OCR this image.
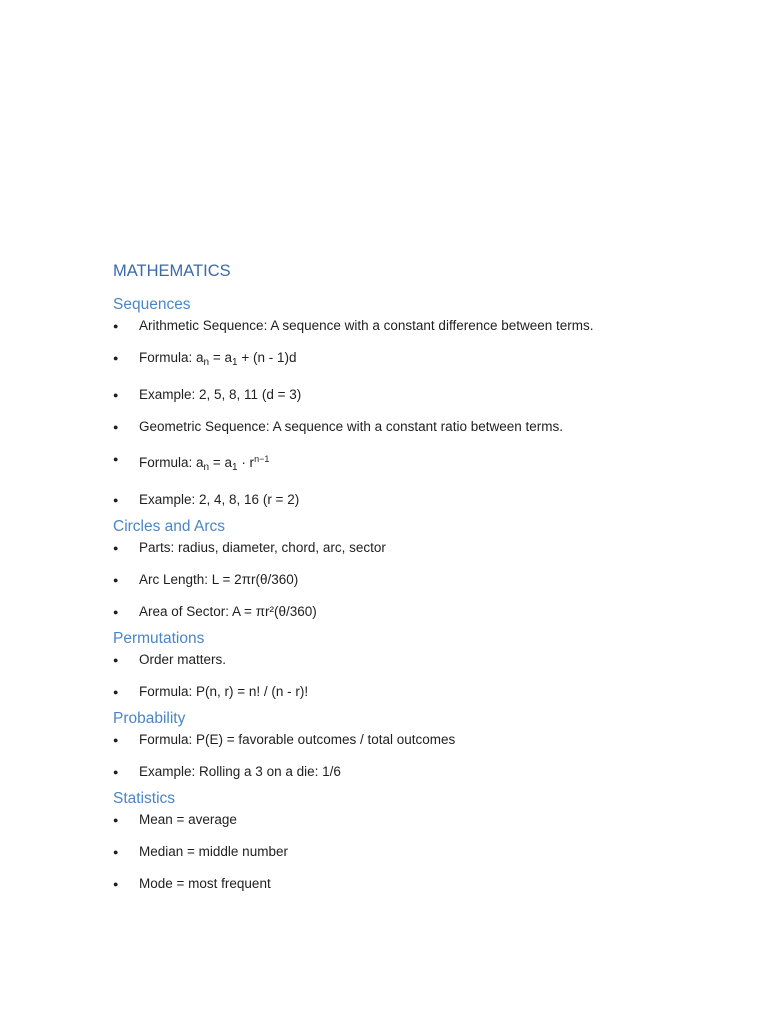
MATHEMATICS
Sequences
● Arithmetic Sequence: A sequence with a constant difference between terms.
● Formula: $a_n = a_1 + (n - 1)d$
● Example: 2, 5, 8, 11 (d = 3)
● Geometric Sequence: A sequence with a constant ratio between terms.
● Formula: $a_n = a_1 \cdot r^{n-1}$
● Example: 2, 4, 8, 16 (r = 2)
Circles and Arcs
● Parts: radius, diameter, chord, arc, sector
● Arc Length: L = 2πr(θ/360)
● Area of Sector: A = πr²(θ/360)
Permutations
● Order matters.
● Formula: P(n, r) = n! / (n - r)!
Probability
● Formula: P(E) = favorable outcomes / total outcomes
● Example: Rolling a 3 on a die: 1/6
Statistics
● Mean = average
● Median = middle number
● Mode = most frequent
